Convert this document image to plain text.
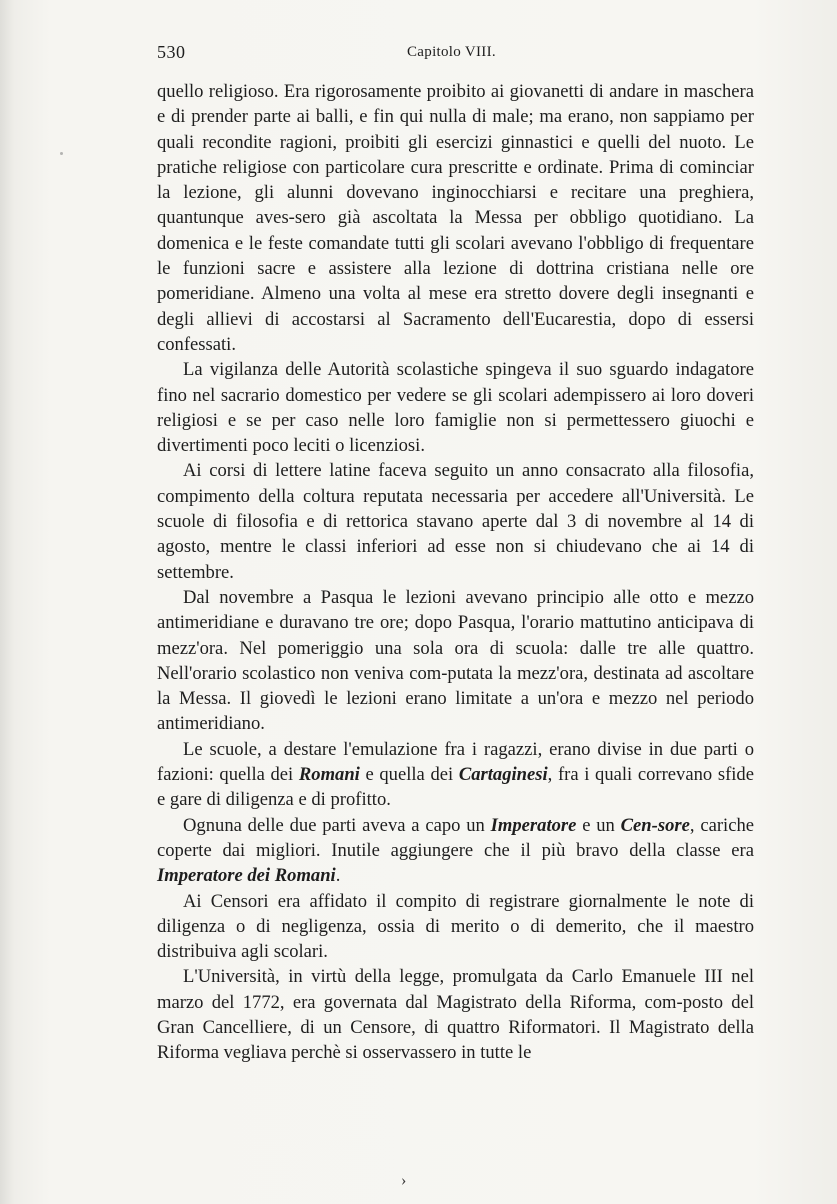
530	Capitolo VIII.

quello religioso. Era rigorosamente proibito ai giovanetti di andare in maschera e di prender parte ai balli, e fin qui nulla di male; ma erano, non sappiamo per quali recondite ragioni, proibiti gli esercizi ginnastici e quelli del nuoto. Le pratiche religiose con particolare cura prescritte e ordinate. Prima di cominciar la lezione, gli alunni dovevano inginocchiarsi e recitare una preghiera, quantunque aves-sero già ascoltata la Messa per obbligo quotidiano. La domenica e le feste comandate tutti gli scolari avevano l'obbligo di frequentare le funzioni sacre e assistere alla lezione di dottrina cristiana nelle ore pomeridiane. Almeno una volta al mese era stretto dovere degli insegnanti e degli allievi di accostarsi al Sacramento dell'Eucarestia, dopo di essersi confessati.

La vigilanza delle Autorità scolastiche spingeva il suo sguardo indagatore fino nel sacrario domestico per vedere se gli scolari adempissero ai loro doveri religiosi e se per caso nelle loro famiglie non si permettessero giuochi e divertimenti poco leciti o licenziosi.

Ai corsi di lettere latine faceva seguito un anno consacrato alla filosofia, compimento della coltura reputata necessaria per accedere all'Università. Le scuole di filosofia e di rettorica stavano aperte dal 3 di novembre al 14 di agosto, mentre le classi inferiori ad esse non si chiudevano che ai 14 di settembre.

Dal novembre a Pasqua le lezioni avevano principio alle otto e mezzo antimeridiane e duravano tre ore; dopo Pasqua, l'orario mattutino anticipava di mezz'ora. Nel pomeriggio una sola ora di scuola: dalle tre alle quattro. Nell'orario scolastico non veniva com-putata la mezz'ora, destinata ad ascoltare la Messa. Il giovedì le lezioni erano limitate a un'ora e mezzo nel periodo antimeridiano.

Le scuole, a destare l'emulazione fra i ragazzi, erano divise in due parti o fazioni: quella dei Romani e quella dei Cartaginesi, fra i quali correvano sfide e gare di diligenza e di profitto.

Ognuna delle due parti aveva a capo un Imperatore e un Cen-sore, cariche coperte dai migliori. Inutile aggiungere che il più bravo della classe era Imperatore dei Romani.

Ai Censori era affidato il compito di registrare giornalmente le note di diligenza o di negligenza, ossia di merito o di demerito, che il maestro distribuiva agli scolari.

L'Università, in virtù della legge, promulgata da Carlo Emanuele III nel marzo del 1772, era governata dal Magistrato della Riforma, com-posto del Gran Cancelliere, di un Censore, di quattro Riformatori. Il Magistrato della Riforma vegliava perchè si osservassero in tutte le

›
